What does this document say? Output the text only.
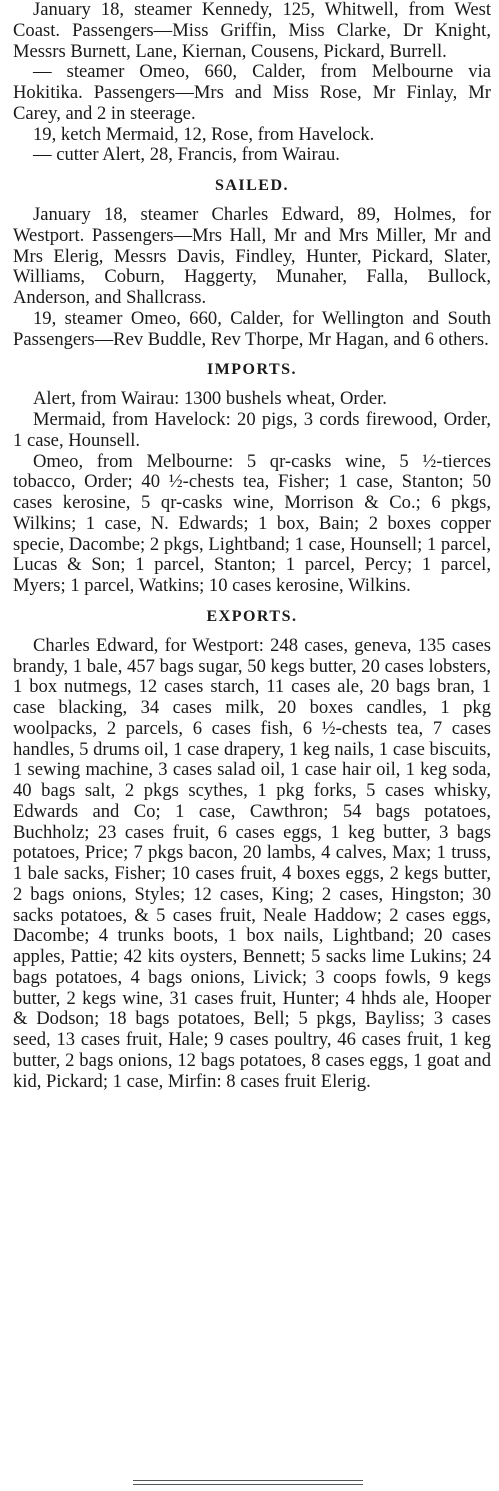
January 18, steamer Kennedy, 125, Whitwell, from West Coast. Passengers—Miss Griffin, Miss Clarke, Dr Knight, Messrs Burnett, Lane, Kiernan, Cousens, Pickard, Burrell.

— steamer Omeo, 660, Calder, from Melbourne via Hokitika. Passengers—Mrs and Miss Rose, Mr Finlay, Mr Carey, and 2 in steerage.

19, ketch Mermaid, 12, Rose, from Havelock.

— cutter Alert, 28, Francis, from Wairau.

SAILED.

January 18, steamer Charles Edward, 89, Holmes, for Westport. Passengers—Mrs Hall, Mr and Mrs Miller, Mr and Mrs Elerig, Messrs Davis, Findley, Hunter, Pickard, Slater, Williams, Coburn, Haggerty, Munaher, Falla, Bullock, Anderson, and Shallcrass.

19, steamer Omeo, 660, Calder, for Wellington and South Passengers—Rev Buddle, Rev Thorpe, Mr Hagan, and 6 others.

IMPORTS.

Alert, from Wairau: 1300 bushels wheat, Order.

Mermaid, from Havelock: 20 pigs, 3 cords firewood, Order, 1 case, Hounsell.

Omeo, from Melbourne: 5 qr-casks wine, 5 ½-tierces tobacco, Order; 40 ½-chests tea, Fisher; 1 case, Stanton; 50 cases kerosine, 5 qr-casks wine, Morrison & Co.; 6 pkgs, Wilkins; 1 case, N. Edwards; 1 box, Bain; 2 boxes copper specie, Dacombe; 2 pkgs, Lightband; 1 case, Hounsell; 1 parcel, Lucas & Son; 1 parcel, Stanton; 1 parcel, Percy; 1 parcel, Myers; 1 parcel, Watkins; 10 cases kerosine, Wilkins.

EXPORTS.

Charles Edward, for Westport: 248 cases, geneva, 135 cases brandy, 1 bale, 457 bags sugar, 50 kegs butter, 20 cases lobsters, 1 box nutmegs, 12 cases starch, 11 cases ale, 20 bags bran, 1 case blacking, 34 cases milk, 20 boxes candles, 1 pkg woolpacks, 2 parcels, 6 cases fish, 6 ½-chests tea, 7 cases handles, 5 drums oil, 1 case drapery, 1 keg nails, 1 case biscuits, 1 sewing machine, 3 cases salad oil, 1 case hair oil, 1 keg soda, 40 bags salt, 2 pkgs scythes, 1 pkg forks, 5 cases whisky, Edwards and Co; 1 case, Cawthron; 54 bags potatoes, Buchholz; 23 cases fruit, 6 cases eggs, 1 keg butter, 3 bags potatoes, Price; 7 pkgs bacon, 20 lambs, 4 calves, Max; 1 truss, 1 bale sacks, Fisher; 10 cases fruit, 4 boxes eggs, 2 kegs butter, 2 bags onions, Styles; 12 cases, King; 2 cases, Hingston; 30 sacks potatoes, & 5 cases fruit, Neale Haddow; 2 cases eggs, Dacombe; 4 trunks boots, 1 box nails, Lightband; 20 cases apples, Pattie; 42 kits oysters, Bennett; 5 sacks lime Lukins; 24 bags potatoes, 4 bags onions, Livick; 3 coops fowls, 9 kegs butter, 2 kegs wine, 31 cases fruit, Hunter; 4 hhds ale, Hooper & Dodson; 18 bags potatoes, Bell; 5 pkgs, Bayliss; 3 cases seed, 13 cases fruit, Hale; 9 cases poultry, 46 cases fruit, 1 keg butter, 2 bags onions, 12 bags potatoes, 8 cases eggs, 1 goat and kid, Pickard; 1 case, Mirfin: 8 cases fruit Elerig.
